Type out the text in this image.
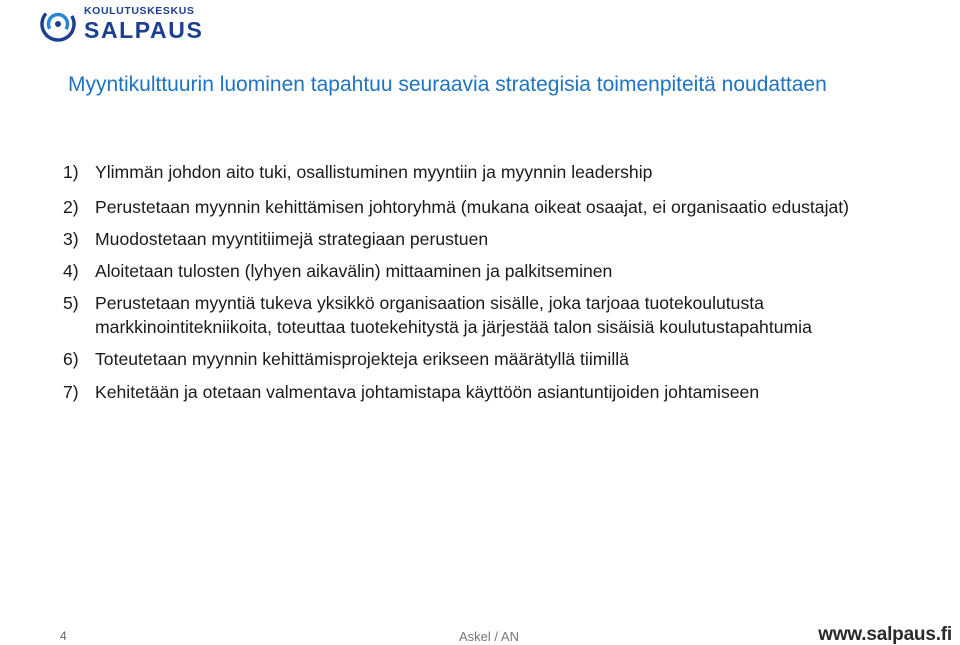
KOULUTUSKESKUS
SALPAUS
Myyntikulttuurin luominen tapahtuu seuraavia strategisia toimenpiteitä noudattaen
1) Ylimmän johdon aito tuki, osallistuminen myyntiin ja myynnin leadership
2) Perustetaan myynnin kehittämisen johtoryhmä (mukana oikeat osaajat, ei organisaatio edustajat)
3) Muodostetaan myyntitiimejä strategiaan perustuen
4) Aloitetaan tulosten (lyhyen aikavälin) mittaaminen ja palkitseminen
5) Perustetaan myyntiä tukeva yksikkö organisaation sisälle, joka tarjoaa tuotekoulutusta markkinointitekniikoita, toteuttaa tuotekehitystä ja järjestää talon sisäisiä koulutustapahtumia
6) Toteutetaan myynnin kehittämisprojekteja erikseen määrätyllä tiimillä
7) Kehitetään ja otetaan valmentava johtamistapa käyttöön asiantuntijoiden johtamiseen
4	Askel / AN	www.salpaus.fi
